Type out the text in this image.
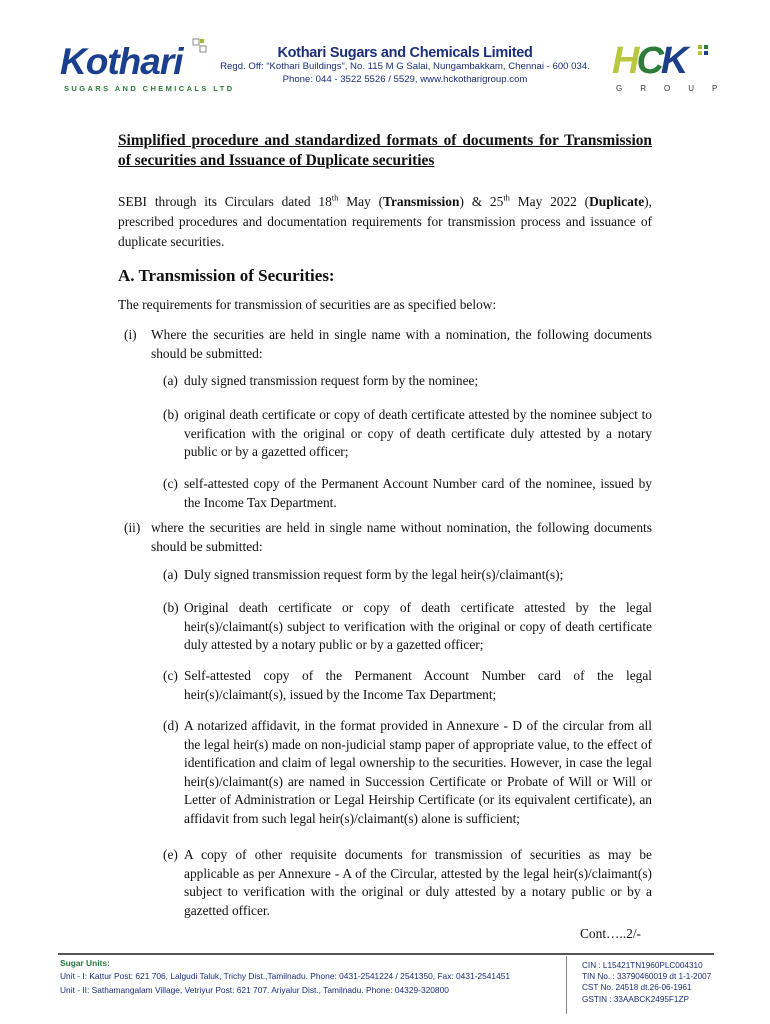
Kothari
SUGARS AND CHEMICALS LTD
Kothari Sugars and Chemicals Limited
Regd. Off: “Kothari Buildings”, No. 115 M G Salai, Nungambakkam, Chennai - 600 034.
Phone: 044 - 3522 5526 / 5529, www.hckotharigroup.com	HCK
GROUP
Simplified procedure and standardized formats of documents for Transmission of securities and Issuance of Duplicate securities
SEBI through its Circulars dated 18th May (Transmission) & 25th May 2022 (Duplicate), prescribed procedures and documentation requirements for transmission process and issuance of duplicate securities.
A. Transmission of Securities:
The requirements for transmission of securities are as specified below:
(i)	Where the securities are held in single name with a nomination, the following documents should be submitted:
(a) duly signed transmission request form by the nominee;
(b) original death certificate or copy of death certificate attested by the nominee subject to verification with the original or copy of death certificate duly attested by a notary public or by a gazetted officer;
(c) self-attested copy of the Permanent Account Number card of the nominee, issued by the Income Tax Department.
(ii) where the securities are held in single name without nomination, the following documents should be submitted:
(a) Duly signed transmission request form by the legal heir(s)/claimant(s);
(b) Original death certificate or copy of death certificate attested by the legal heir(s)/claimant(s) subject to verification with the original or copy of death certificate duly attested by a notary public or by a gazetted officer;
(c) Self-attested copy of the Permanent Account Number card of the legal heir(s)/claimant(s), issued by the Income Tax Department;
(d) A notarized affidavit, in the format provided in Annexure - D of the circular from all the legal heir(s) made on non-judicial stamp paper of appropriate value, to the effect of identification and claim of legal ownership to the securities. However, in case the legal heir(s)/claimant(s) are named in Succession Certificate or Probate of Will or Will or Letter of Administration or Legal Heirship Certificate (or its equivalent certificate), an affidavit from such legal heir(s)/claimant(s) alone is sufficient;
(e) A copy of other requisite documents for transmission of securities as may be applicable as per Annexure - A of the Circular, attested by the legal heir(s)/claimant(s) subject to verification with the original or duly attested by a notary public or by a gazetted officer.
Cont…..2/-
Sugar Units:
Unit - I: Kattur Post: 621 706, Lalgudi Taluk, Trichy Dist.,Tamilnadu. Phone: 0431-2541224 / 2541350, Fax: 0431-2541451
Unit - II: Sathamangalam Village, Vetriyur Post: 621 707. Ariyalur Dist., Tamilnadu. Phone: 04329-320800
CIN : L15421TN1960PLC004310
TIN No. : 33790460019 dt 1-1-2007
CST No. 24518 dt.26-06-1961
GSTIN : 33AABCK2495F1ZP
